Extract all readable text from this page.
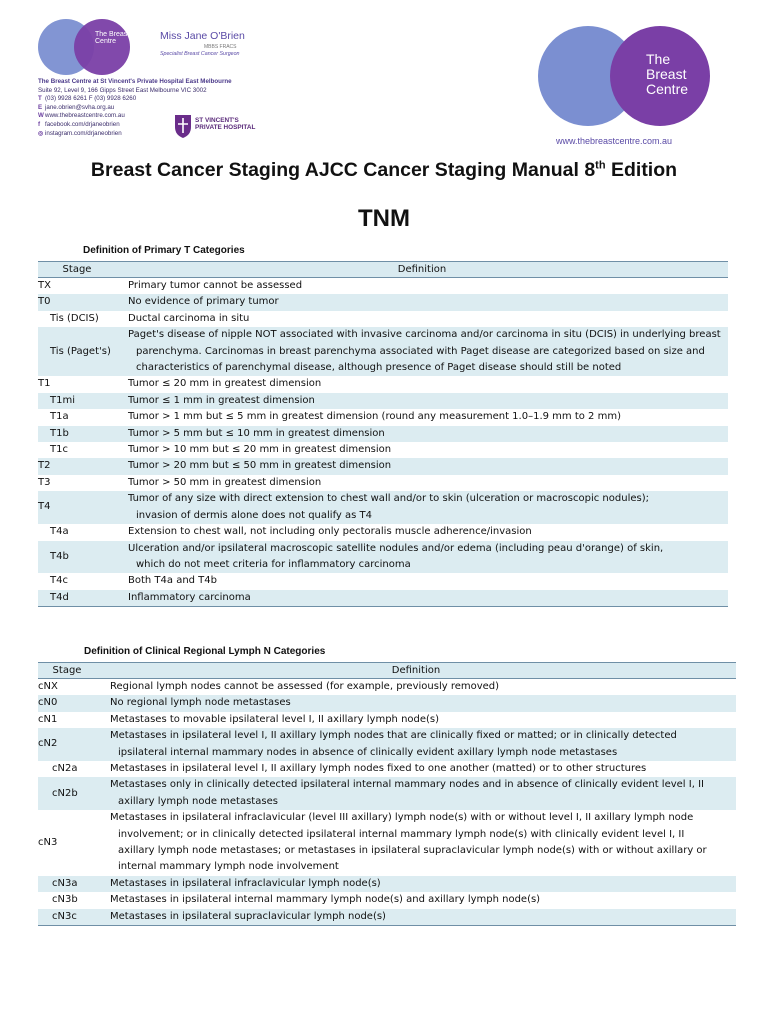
The Breast Centre	Miss Jane O'Brien
MBBS FRACS
Specialist Breast Cancer Surgeon
The Breast Centre at St Vincent's Private Hospital East Melbourne
Suite 92, Level 9, 166 Gipps Street East Melbourne VIC 3002
T (03) 9928 6261 F (03) 9928 6260
E jane.obrien@svha.org.au
Wwww.thebreastcentre.com.au
f facebook.com/drjaneobrien
◎ instagram.com/drjaneobrien
ST VINCENT'S PRIVATE HOSPITAL
The Breast Centre
www.thebreastcentre.com.au
Breast Cancer Staging AJCC Cancer Staging Manual 8th Edition
TNM
Definition of Primary T Categories
Stage	Definition
TX	Primary tumor cannot be assessed

T0	No evidence of primary tumor

Tis (DCIS)	Ductal carcinoma in situ

Tis (Paget's)	Paget's disease of nipple NOT associated with invasive carcinoma and/or carcinoma in situ (DCIS) in underlying breast
parenchyma. Carcinomas in breast parenchyma associated with Paget disease are categorized based on size and
characteristics of parenchymal disease, although presence of Paget disease should still be noted

T1	Tumor ≤ 20 mm in greatest dimension

T1mi	Tumor ≤ 1 mm in greatest dimension

T1a	Tumor > 1 mm but ≤ 5 mm in greatest dimension (round any measurement 1.0–1.9 mm to 2 mm)

T1b	Tumor > 5 mm but ≤ 10 mm in greatest dimension

T1c	Tumor > 10 mm but ≤ 20 mm in greatest dimension

T2	Tumor > 20 mm but ≤ 50 mm in greatest dimension

T3	Tumor > 50 mm in greatest dimension

T4	Tumor of any size with direct extension to chest wall and/or to skin (ulceration or macroscopic nodules);
invasion of dermis alone does not qualify as T4

T4a	Extension to chest wall, not including only pectoralis muscle adherence/invasion

T4b	Ulceration and/or ipsilateral macroscopic satellite nodules and/or edema (including peau d'orange) of skin,
which do not meet criteria for inflammatory carcinoma

T4c	Both T4a and T4b

T4d	Inflammatory carcinoma
Definition of Clinical Regional Lymph N Categories
Stage	Definition
cNX	Regional lymph nodes cannot be assessed (for example, previously removed)

cN0	No regional lymph node metastases

cN1	Metastases to movable ipsilateral level I, II axillary lymph node(s)

cN2	Metastases in ipsilateral level I, II axillary lymph nodes that are clinically fixed or matted; or in clinically detected
ipsilateral internal mammary nodes in absence of clinically evident axillary lymph node metastases

cN2a	Metastases in ipsilateral level I, II axillary lymph nodes fixed to one another (matted) or to other structures

cN2b	Metastases only in clinically detected ipsilateral internal mammary nodes and in absence of clinically evident level I, II
axillary lymph node metastases

cN3	Metastases in ipsilateral infraclavicular (level III axillary) lymph node(s) with or without level I, II axillary lymph node
involvement; or in clinically detected ipsilateral internal mammary lymph node(s) with clinically evident level I, II
axillary lymph node metastases; or metastases in ipsilateral supraclavicular lymph node(s) with or without axillary or
internal mammary lymph node involvement

cN3a	Metastases in ipsilateral infraclavicular lymph node(s)

cN3b	Metastases in ipsilateral internal mammary lymph node(s) and axillary lymph node(s)

cN3c	Metastases in ipsilateral supraclavicular lymph node(s)
